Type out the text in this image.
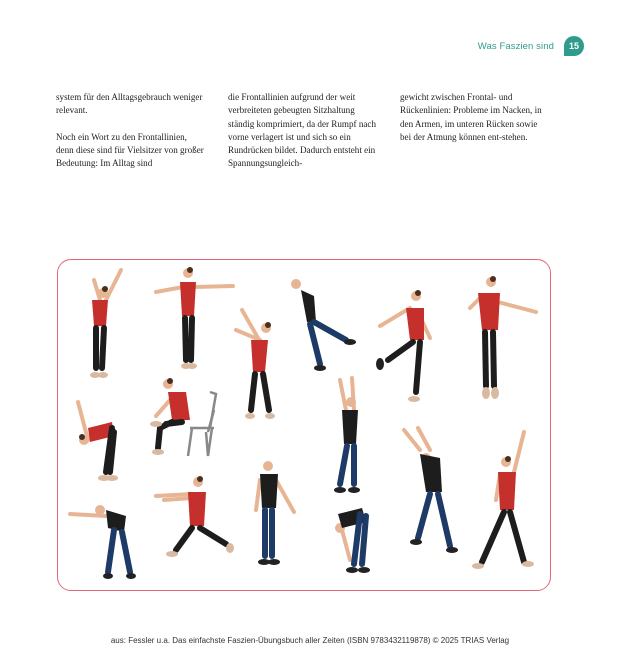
Was Faszien sind	15

system für den Alltagsgebrauch weniger relevant.

Noch ein Wort zu den Frontallinien, denn diese sind für Vielsitzer von großer Bedeutung: Im Alltag sind

die Frontallinien aufgrund der weit verbreiteten gebeugten Sitzhaltung ständig komprimiert, da der Rumpf nach vorne verlagert ist und sich so ein Rundrücken bildet. Dadurch entsteht ein Spannungsungleich-

gewicht zwischen Frontal- und Rückenlinien: Probleme im Nacken, in den Armen, im unteren Rücken sowie bei der Atmung können ent-stehen.

aus: Fessler u.a. Das einfachste Faszien-Übungsbuch aller Zeiten (ISBN 9783432119878) © 2025 TRIAS Verlag
